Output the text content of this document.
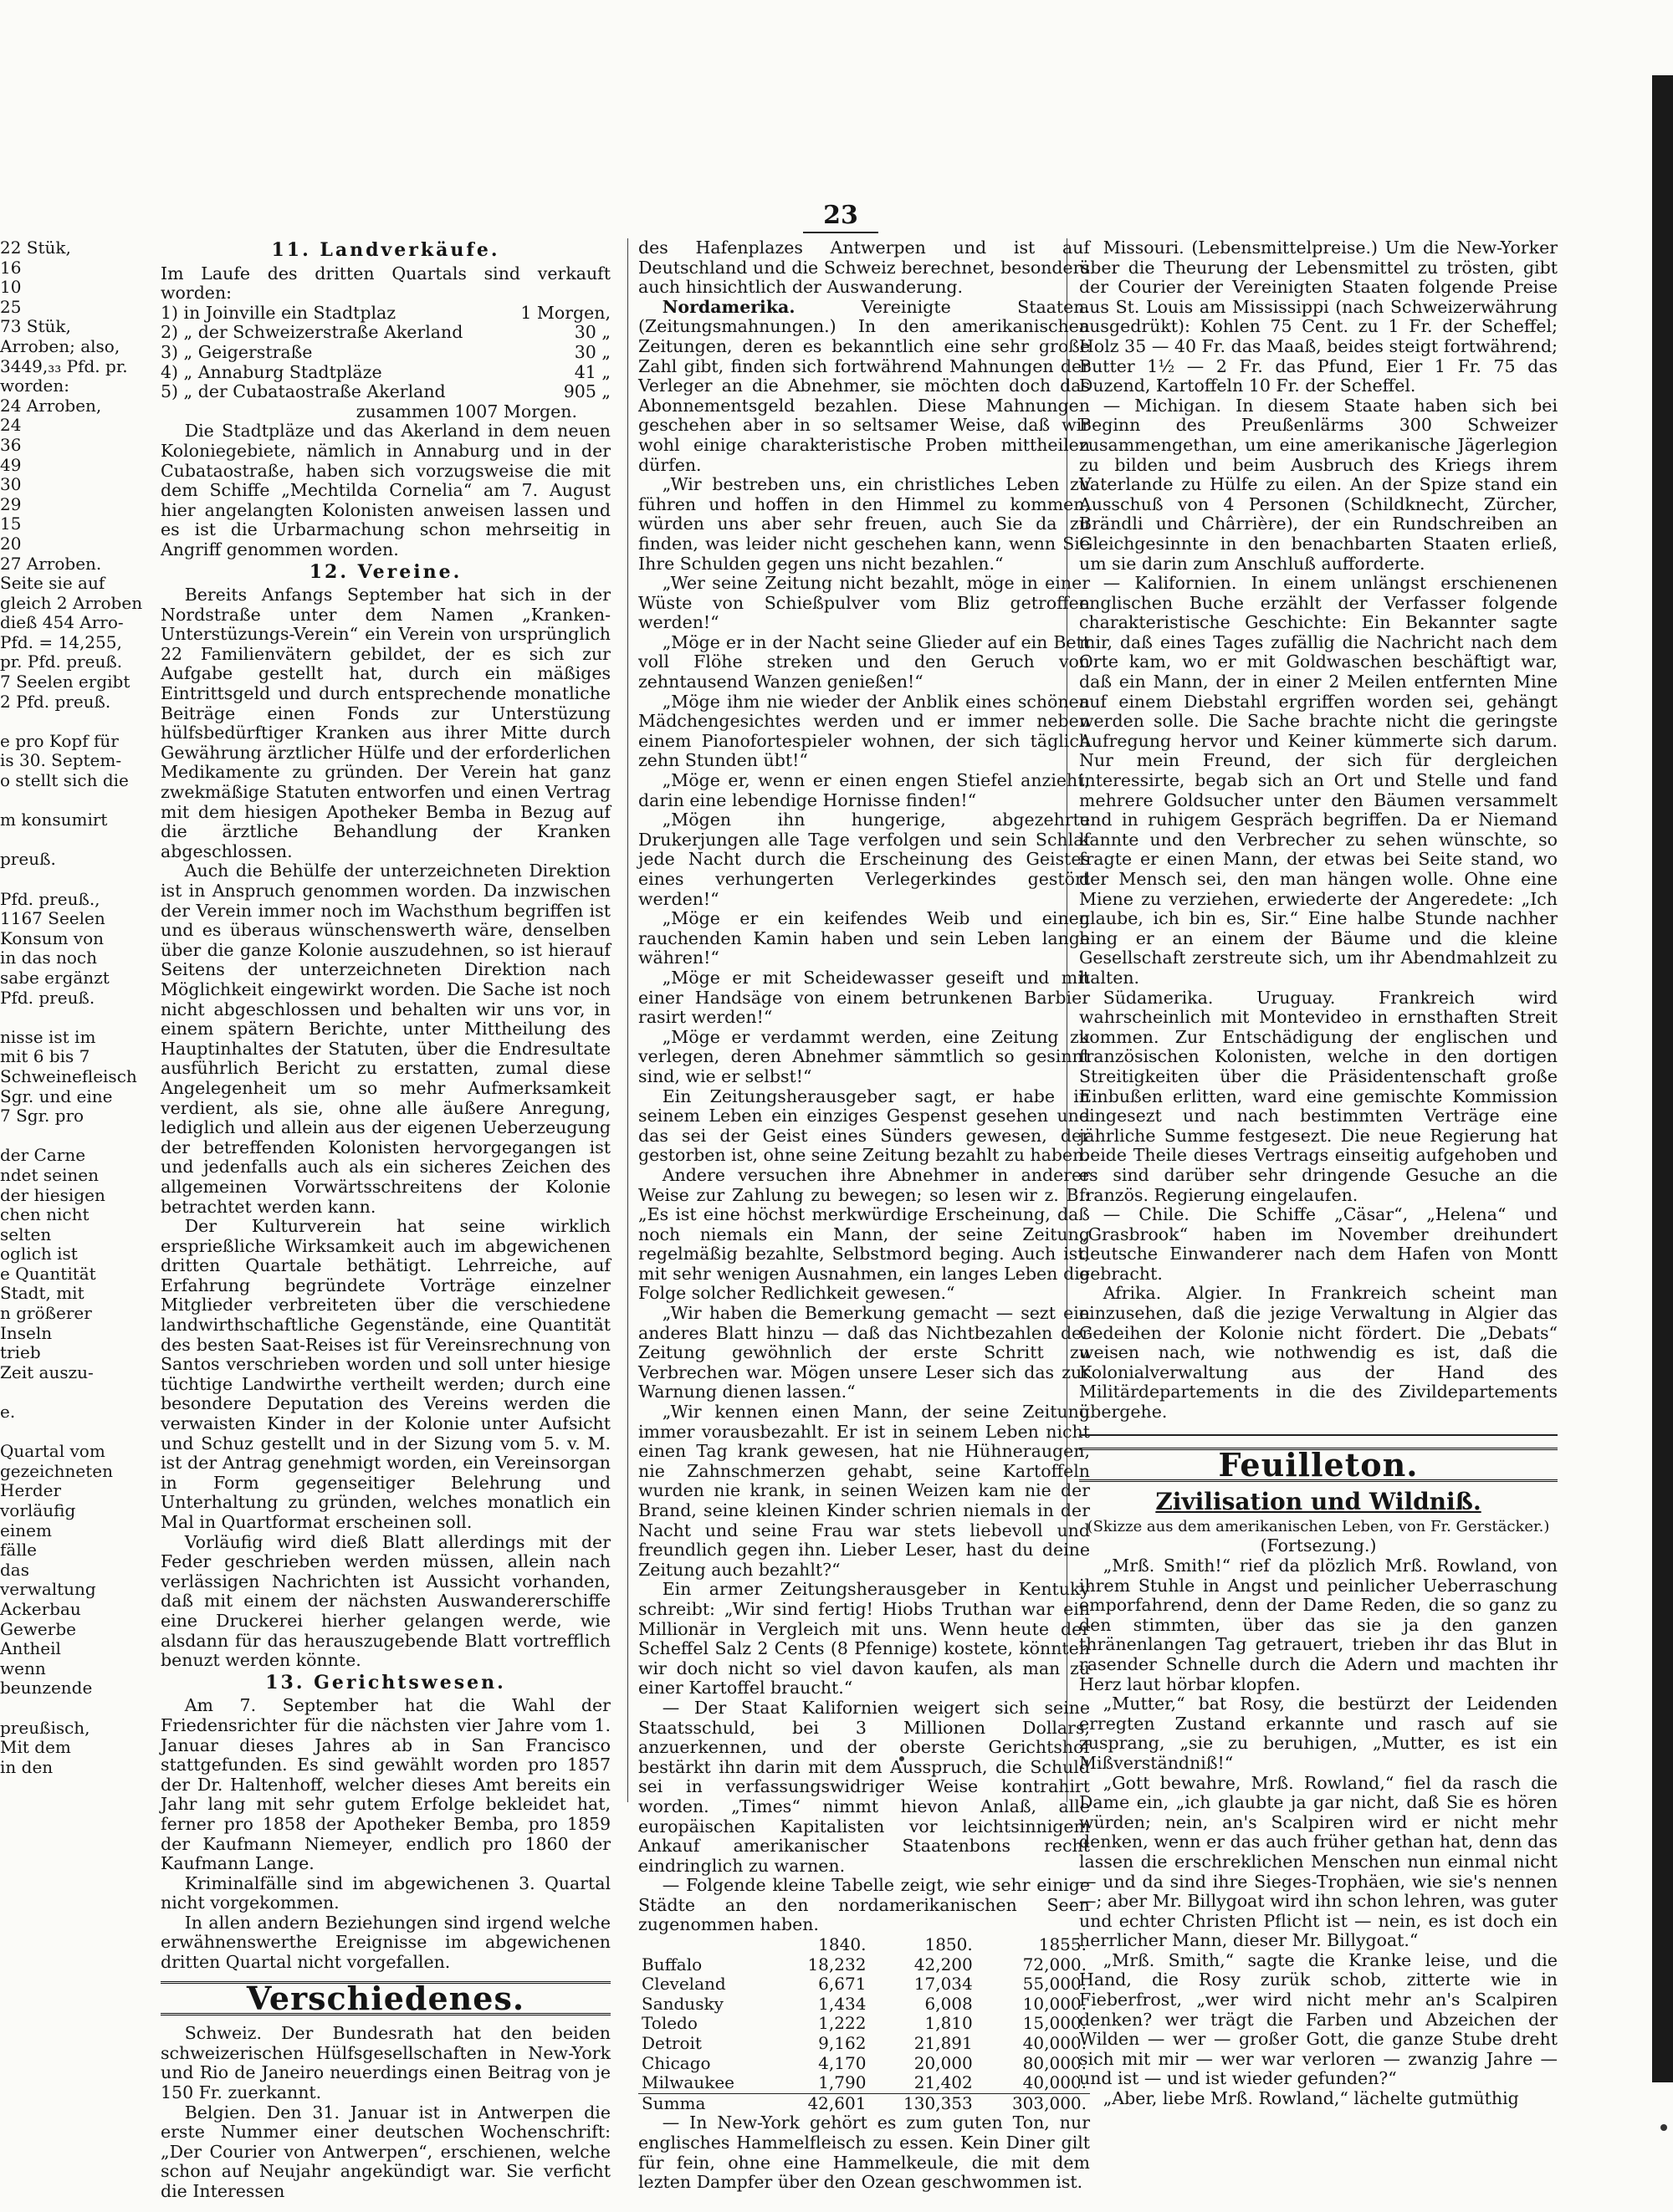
23
22 Stük,
16
10
25
73 Stük,
Arroben; also,
3449,₃₃ Pfd. pr.
worden:
24 Arroben,
24
36
49
30
29
15
20
27 Arroben.
Seite sie auf
gleich 2 Arroben
dieß 454 Arro-
Pfd. = 14,255,
pr. Pfd. preuß.
7 Seelen ergibt
2 Pfd. preuß.

e pro Kopf für
is 30. Septem-
o stellt sich die

m konsumirt

preuß.

Pfd. preuß.,
1167 Seelen
Konsum von
in das noch
sabe ergänzt
Pfd. preuß.

nisse ist im
mit 6 bis 7
Schweinefleisch
Sgr. und eine
7 Sgr. pro

der Carne
ndet seinen
der hiesigen
chen nicht
selten
oglich ist
e Quantität
Stadt, mit
n größerer
Inseln
trieb
Zeit auszu-

e.

Quartal vom
gezeichneten
Herder
vorläufig
einem
fälle
das
verwaltung
Ackerbau
Gewerbe
Antheil
wenn
beunzende

preußisch,
Mit dem
in den
11. Landverkäufe.

Im Laufe des dritten Quartals sind verkauft worden:

1) in Joinville ein Stadtplaz	1 Morgen,
2) „ der Schweizerstraße Akerland	30 „
3) „ Geigerstraße	30 „
4) „ Annaburg Stadtpläze	41 „
5) „ der Cubataostraße Akerland	905 „

zusammen 1007 Morgen.

Die Stadtpläze und das Akerland in dem neuen Koloniegebiete, nämlich in Annaburg und in der Cubataostraße, haben sich vorzugsweise die mit dem Schiffe „Mechtilda Cornelia“ am 7. August hier angelangten Kolonisten anweisen lassen und es ist die Urbarmachung schon mehrseitig in Angriff genommen worden.

12. Vereine.

Bereits Anfangs September hat sich in der Nordstraße unter dem Namen „Kranken-Unterstüzungs-Verein“ ein Verein von ursprünglich 22 Familienvätern gebildet, der es sich zur Aufgabe gestellt hat, durch ein mäßiges Eintrittsgeld und durch entsprechende monatliche Beiträge einen Fonds zur Unterstüzung hülfsbedürftiger Kranken aus ihrer Mitte durch Gewährung ärztlicher Hülfe und der erforderlichen Medikamente zu gründen. Der Verein hat ganz zwekmäßige Statuten entworfen und einen Vertrag mit dem hiesigen Apotheker Bemba in Bezug auf die ärztliche Behandlung der Kranken abgeschlossen.

Auch die Behülfe der unterzeichneten Direktion ist in Anspruch genommen worden. Da inzwischen der Verein immer noch im Wachsthum begriffen ist und es überaus wünschenswerth wäre, denselben über die ganze Kolonie auszudehnen, so ist hierauf Seitens der unterzeichneten Direktion nach Möglichkeit eingewirkt worden. Die Sache ist noch nicht abgeschlossen und behalten wir uns vor, in einem spätern Berichte, unter Mittheilung des Hauptinhaltes der Statuten, über die Endresultate ausführlich Bericht zu erstatten, zumal diese Angelegenheit um so mehr Aufmerksamkeit verdient, als sie, ohne alle äußere Anregung, lediglich und allein aus der eigenen Ueberzeugung der betreffenden Kolonisten hervorgegangen ist und jedenfalls auch als ein sicheres Zeichen des allgemeinen Vorwärtsschreitens der Kolonie betrachtet werden kann.

Der Kulturverein hat seine wirklich ersprießliche Wirksamkeit auch im abgewichenen dritten Quartale bethätigt. Lehrreiche, auf Erfahrung begründete Vorträge einzelner Mitglieder verbreiteten über die verschiedene landwirthschaftliche Gegenstände, eine Quantität des besten Saat-Reises ist für Vereinsrechnung von Santos verschrieben worden und soll unter hiesige tüchtige Landwirthe vertheilt werden; durch eine besondere Deputation des Vereins werden die verwaisten Kinder in der Kolonie unter Aufsicht und Schuz gestellt und in der Sizung vom 5. v. M. ist der Antrag genehmigt worden, ein Vereinsorgan in Form gegenseitiger Belehrung und Unterhaltung zu gründen, welches monatlich ein Mal in Quartformat erscheinen soll.

Vorläufig wird dieß Blatt allerdings mit der Feder geschrieben werden müssen, allein nach verlässigen Nachrichten ist Aussicht vorhanden, daß mit einem der nächsten Auswandererschiffe eine Druckerei hierher gelangen werde, wie alsdann für das herauszugebende Blatt vortrefflich benuzt werden könnte.

13. Gerichtswesen.

Am 7. September hat die Wahl der Friedensrichter für die nächsten vier Jahre vom 1. Januar dieses Jahres ab in San Francisco stattgefunden. Es sind gewählt worden pro 1857 der Dr. Haltenhoff, welcher dieses Amt bereits ein Jahr lang mit sehr gutem Erfolge bekleidet hat, ferner pro 1858 der Apotheker Bemba, pro 1859 der Kaufmann Niemeyer, endlich pro 1860 der Kaufmann Lange.

Kriminalfälle sind im abgewichenen 3. Quartal nicht vorgekommen.

In allen andern Beziehungen sind irgend welche erwähnenswerthe Ereignisse im abgewichenen dritten Quartal nicht vorgefallen.

Verschiedenes.

Schweiz. Der Bundesrath hat den beiden schweizerischen Hülfsgesellschaften in New-York und Rio de Janeiro neuerdings einen Beitrag von je 150 Fr. zuerkannt.

Belgien. Den 31. Januar ist in Antwerpen die erste Nummer einer deutschen Wochenschrift: „Der Courier von Antwerpen“, erschienen, welche schon auf Neujahr angekündigt war. Sie verficht die Interessen

des Hafenplazes Antwerpen und ist auf Deutschland und die Schweiz berechnet, besonders auch hinsichtlich der Auswanderung.

Nordamerika.	Vereinigte Staaten. (Zeitungsmahnungen.) In den amerikanischen Zeitungen, deren es bekanntlich eine sehr große Zahl gibt, finden sich fortwährend Mahnungen der Verleger an die Abnehmer, sie möchten doch das Abonnementsgeld bezahlen. Diese Mahnungen geschehen aber in so seltsamer Weise, daß wir wohl einige charakteristische Proben mittheilen dürfen.

„Wir bestreben uns, ein christliches Leben zu führen und hoffen in den Himmel zu kommen, würden uns aber sehr freuen, auch Sie da zu finden, was leider nicht geschehen kann, wenn Sie Ihre Schulden gegen uns nicht bezahlen.“

„Wer seine Zeitung nicht bezahlt, möge in einer Wüste von Schießpulver vom Bliz getroffen werden!“

„Möge er in der Nacht seine Glieder auf ein Bett voll Flöhe streken und den Geruch von zehntausend Wanzen genießen!“

„Möge ihm nie wieder der Anblik eines schönen Mädchengesichtes werden und er immer neben einem Pianofortespieler wohnen, der sich täglich zehn Stunden übt!“

„Möge er, wenn er einen engen Stiefel anzieht, darin eine lebendige Hornisse finden!“

„Mögen ihn hungerige, abgezehrte Drukerjungen alle Tage verfolgen und sein Schlaf jede Nacht durch die Erscheinung des Geistes eines verhungerten Verlegerkindes gestört werden!“

„Möge er ein keifendes Weib und einen rauchenden Kamin haben und sein Leben lange währen!“

„Möge er mit Scheidewasser geseift und mit einer Handsäge von einem betrunkenen Barbier rasirt werden!“

„Möge er verdammt werden, eine Zeitung zu verlegen, deren Abnehmer sämmtlich so gesinnt sind, wie er selbst!“

Ein Zeitungsherausgeber sagt, er habe in seinem Leben ein einziges Gespenst gesehen und das sei der Geist eines Sünders gewesen, der gestorben ist, ohne seine Zeitung bezahlt zu haben.

Andere versuchen ihre Abnehmer in anderer Weise zur Zahlung zu bewegen; so lesen wir z. B.: „Es ist eine höchst merkwürdige Erscheinung, daß noch niemals ein Mann, der seine Zeitung regelmäßig bezahlte, Selbstmord beging. Auch ist, mit sehr wenigen Ausnahmen, ein langes Leben die Folge solcher Redlichkeit gewesen.“

„Wir haben die Bemerkung gemacht — sezt ein anderes Blatt hinzu — daß das Nichtbezahlen der Zeitung gewöhnlich der erste Schritt zu Verbrechen war. Mögen unsere Leser sich das zur Warnung dienen lassen.“

„Wir kennen einen Mann, der seine Zeitung immer vorausbezahlt. Er ist in seinem Leben nicht einen Tag krank gewesen, hat nie Hühneraugen, nie Zahnschmerzen gehabt, seine Kartoffeln wurden nie krank, in seinen Weizen kam nie der Brand, seine kleinen Kinder schrien niemals in der Nacht und seine Frau war stets liebevoll und freundlich gegen ihn. Lieber Leser, hast du deine Zeitung auch bezahlt?“

Ein armer Zeitungsherausgeber in Kentuky schreibt: „Wir sind fertig! Hiobs Truthan war ein Millionär in Vergleich mit uns. Wenn heute der Scheffel Salz 2 Cents (8 Pfennige) kostete, könnten wir doch nicht so viel davon kaufen, als man zu einer Kartoffel braucht.“

— Der Staat Kalifornien weigert sich seine Staatsschuld, bei 3 Millionen Dollars, anzuerkennen, und der oberste Gerichtshof bestärkt ihn darin mit dem Ausspruch, die Schuld sei in verfassungswidriger Weise kontrahirt worden. „Times“ nimmt hievon Anlaß, alle europäischen Kapitalisten vor leichtsinnigem Ankauf amerikanischer Staatenbons recht eindringlich zu warnen.

— Folgende kleine Tabelle zeigt, wie sehr einige Städte an den nordamerikanischen Seen zugenommen haben.

	1840.	1850.	1855.
Buffalo	18,232	42,200	72,000.
Cleveland	6,671	17,034	55,000.
Sandusky	1,434	6,008	10,000.
Toledo	1,222	1,810	15,000.
Detroit	9,162	21,891	40,000.
Chicago	4,170	20,000	80,000.
Milwaukee	1,790	21,402	40,000.
Summa	42,601	130,353	303,000.

— In New-York gehört es zum guten Ton, nur englisches Hammelfleisch zu essen. Kein Diner gilt für fein, ohne eine Hammelkeule, die mit dem lezten Dampfer über den Ozean geschwommen ist.

Missouri. (Lebensmittelpreise.) Um die New-Yorker über die Theurung der Lebensmittel zu trösten, gibt der Courier der Vereinigten Staaten folgende Preise aus St. Louis am Mississippi (nach Schweizerwährung ausgedrükt): Kohlen 75 Cent. zu 1 Fr. der Scheffel; Holz 35 — 40 Fr. das Maaß, beides steigt fortwährend; Butter 1½ — 2 Fr. das Pfund, Eier 1 Fr. 75 das Duzend, Kartoffeln 10 Fr. der Scheffel.

— Michigan. In diesem Staate haben sich bei Beginn des Preußenlärms 300 Schweizer zusammengethan, um eine amerikanische Jägerlegion zu bilden und beim Ausbruch des Kriegs ihrem Vaterlande zu Hülfe zu eilen. An der Spize stand ein Ausschuß von 4 Personen (Schildknecht, Zürcher, Brändli und Chârrière), der ein Rundschreiben an Gleichgesinnte in den benachbarten Staaten erließ, um sie darin zum Anschluß aufforderte.

— Kalifornien. In einem unlängst erschienenen englischen Buche erzählt der Verfasser folgende charakteristische Geschichte: Ein Bekannter sagte mir, daß eines Tages zufällig die Nachricht nach dem Orte kam, wo er mit Goldwaschen beschäftigt war, daß ein Mann, der in einer 2 Meilen entfernten Mine auf einem Diebstahl ergriffen worden sei, gehängt werden solle. Die Sache brachte nicht die geringste Aufregung hervor und Keiner kümmerte sich darum. Nur mein Freund, der sich für dergleichen interessirte, begab sich an Ort und Stelle und fand mehrere Goldsucher unter den Bäumen versammelt und in ruhigem Gespräch begriffen. Da er Niemand kannte und den Verbrecher zu sehen wünschte, so fragte er einen Mann, der etwas bei Seite stand, wo der Mensch sei, den man hängen wolle. Ohne eine Miene zu verziehen, erwiederte der Angeredete: „Ich glaube, ich bin es, Sir.“ Eine halbe Stunde nachher hing er an einem der Bäume und die kleine Gesellschaft zerstreute sich, um ihr Abendmahlzeit zu halten.

Südamerika. Uruguay. Frankreich wird wahrscheinlich mit Montevideo in ernsthaften Streit kommen. Zur Entschädigung der englischen und französischen Kolonisten, welche in den dortigen Streitigkeiten über die Präsidentenschaft große Einbußen erlitten, ward eine gemischte Kommission eingesezt und nach bestimmten Verträge eine jährliche Summe festgesezt. Die neue Regierung hat beide Theile dieses Vertrags einseitig aufgehoben und es sind darüber sehr dringende Gesuche an die französ. Regierung eingelaufen.

— Chile. Die Schiffe „Cäsar“, „Helena“ und „Grasbrook“ haben im November dreihundert deutsche Einwanderer nach dem Hafen von Montt gebracht.

Afrika. Algier. In Frankreich scheint man einzusehen, daß die jezige Verwaltung in Algier das Gedeihen der Kolonie nicht fördert. Die „Debats“ weisen nach, wie nothwendig es ist, daß die Kolonialverwaltung aus der Hand des Militärdepartements in die des Zivildepartements übergehe.

Feuilleton.
Zivilisation und Wildniß.

(Skizze aus dem amerikanischen Leben, von Fr. Gerstäcker.)

(Fortsezung.)

„Mrß. Smith!“ rief da plözlich Mrß. Rowland, von ihrem Stuhle in Angst und peinlicher Ueberraschung emporfahrend, denn der Dame Reden, die so ganz zu den stimmten, über das sie ja den ganzen thränenlangen Tag getrauert, trieben ihr das Blut in rasender Schnelle durch die Adern und machten ihr Herz laut hörbar klopfen.

„Mutter,“ bat Rosy, die bestürzt der Leidenden erregten Zustand erkannte und rasch auf sie zusprang, „sie zu beruhigen, „Mutter, es ist ein Mißverständniß!“

„Gott bewahre, Mrß. Rowland,“ fiel da rasch die Dame ein, „ich glaubte ja gar nicht, daß Sie es hören würden; nein, an's Scalpiren wird er nicht mehr denken, wenn er das auch früher gethan hat, denn das lassen die erschreklichen Menschen nun einmal nicht — und da sind ihre Sieges-Trophäen, wie sie's nennen —; aber Mr. Billygoat wird ihn schon lehren, was guter und echter Christen Pflicht ist — nein, es ist doch ein herrlicher Mann, dieser Mr. Billygoat.“

„Mrß. Smith,“ sagte die Kranke leise, und die Hand, die Rosy zurük schob, zitterte wie in Fieberfrost, „wer wird nicht mehr an's Scalpiren denken? wer trägt die Farben und Abzeichen der Wilden — wer — großer Gott, die ganze Stube dreht sich mit mir — wer war verloren — zwanzig Jahre — und ist — und ist wieder gefunden?“

„Aber, liebe Mrß. Rowland,“ lächelte gutmüthig
